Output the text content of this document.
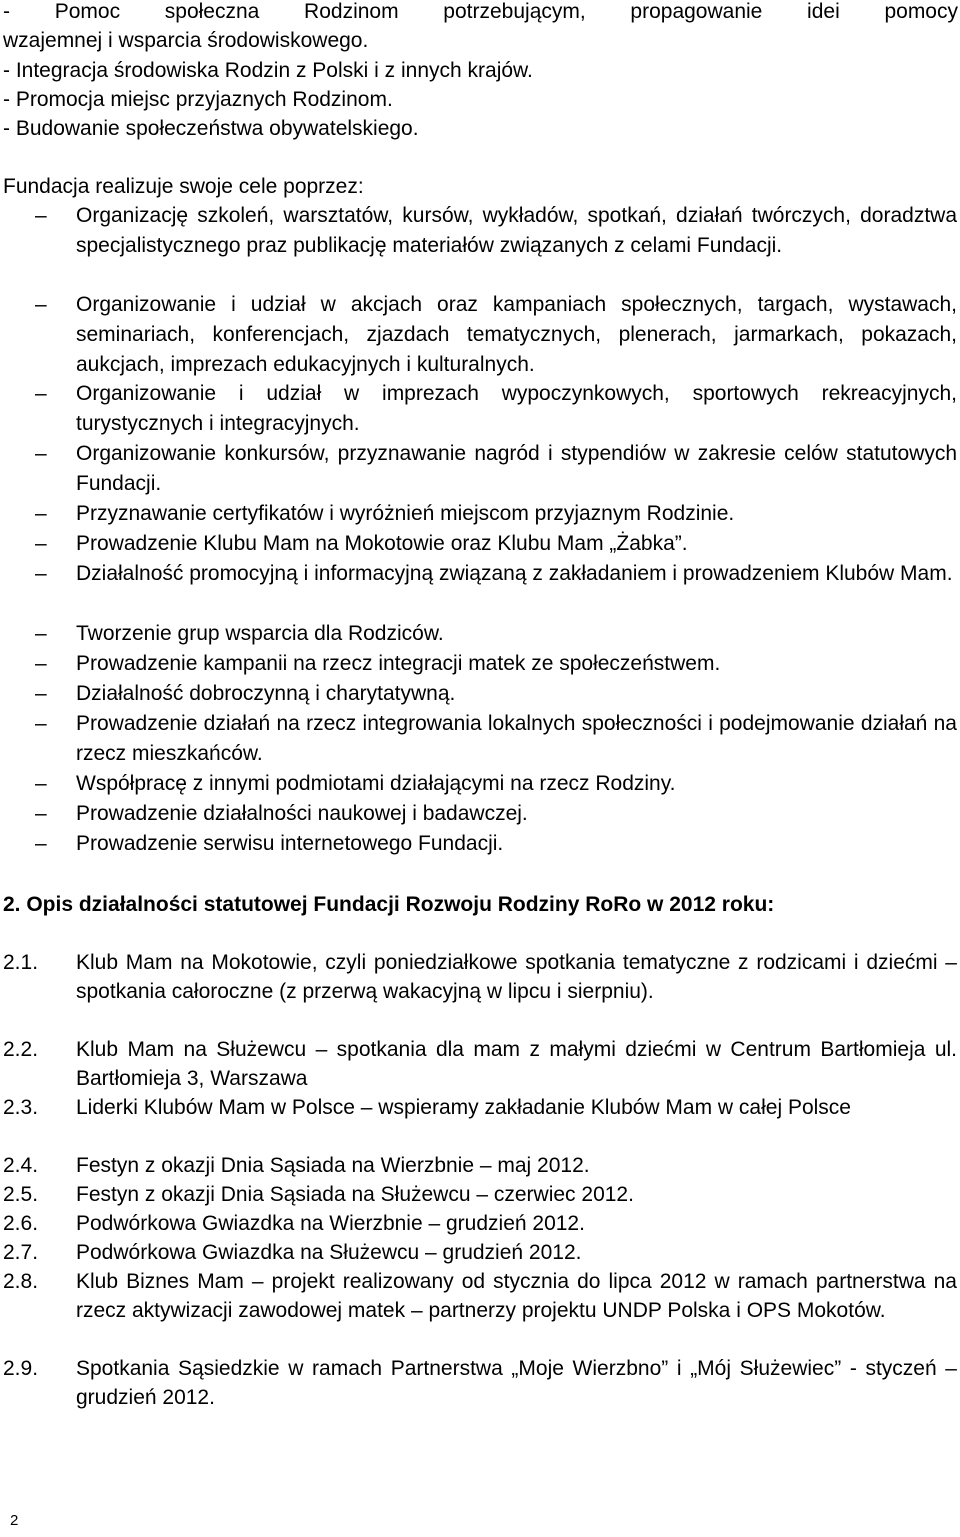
- Pomoc społeczna Rodzinom potrzebującym, propagowanie idei pomocy
wzajemnej i wsparcia środowiskowego.
- Integracja środowiska Rodzin z Polski i z innych krajów.
- Promocja miejsc przyjaznych Rodzinom.
- Budowanie społeczeństwa obywatelskiego.
Fundacja realizuje swoje cele poprzez:
–	Organizację szkoleń, warsztatów, kursów, wykładów, spotkań, działań twórczych, doradztwa specjalistycznego praz publikację materiałów związanych z celami Fundacji.
–	Organizowanie i udział w akcjach oraz kampaniach społecznych, targach, wystawach, seminariach, konferencjach, zjazdach tematycznych, plenerach, jarmarkach, pokazach, aukcjach, imprezach edukacyjnych i kulturalnych.
–	Organizowanie i udział w imprezach wypoczynkowych, sportowych rekreacyjnych, turystycznych i integracyjnych.
–	Organizowanie konkursów, przyznawanie nagród i stypendiów w zakresie celów statutowych Fundacji.
–	Przyznawanie certyfikatów i wyróżnień miejscom przyjaznym Rodzinie.
–	Prowadzenie Klubu Mam na Mokotowie oraz Klubu Mam „Żabka”.
–	Działalność promocyjną i informacyjną związaną z zakładaniem i prowadzeniem Klubów Mam.
–	Tworzenie grup wsparcia dla Rodziców.
–	Prowadzenie kampanii na rzecz integracji matek ze społeczeństwem.
–	Działalność dobroczynną i charytatywną.
–	Prowadzenie działań na rzecz integrowania lokalnych społeczności i podejmowanie działań na rzecz mieszkańców.
–	Współpracę z innymi podmiotami działającymi na rzecz Rodziny.
–	Prowadzenie działalności naukowej i badawczej.
–	Prowadzenie serwisu internetowego Fundacji.
2. Opis działalności statutowej Fundacji Rozwoju Rodziny RoRo w 2012 roku:
2.1.	Klub Mam na Mokotowie, czyli poniedziałkowe spotkania tematyczne z rodzicami i dziećmi – spotkania całoroczne (z przerwą wakacyjną w lipcu i sierpniu).
2.2.	Klub Mam na Służewcu – spotkania dla mam z małymi dziećmi w Centrum Bartłomieja ul. Bartłomieja 3, Warszawa
2.3.	Liderki Klubów Mam w Polsce – wspieramy zakładanie Klubów Mam w całej Polsce
2.4.	Festyn z okazji Dnia Sąsiada na Wierzbnie – maj 2012.
2.5.	Festyn z okazji Dnia Sąsiada na Służewcu – czerwiec 2012.
2.6.	Podwórkowa Gwiazdka na Wierzbnie – grudzień 2012.
2.7.	Podwórkowa Gwiazdka na Służewcu – grudzień 2012.
2.8.	Klub Biznes Mam – projekt realizowany od stycznia do lipca 2012 w ramach partnerstwa na rzecz aktywizacji zawodowej matek – partnerzy projektu UNDP Polska i OPS Mokotów.
2.9.	Spotkania Sąsiedzkie w ramach Partnerstwa „Moje Wierzbno” i „Mój Służewiec” - styczeń – grudzień 2012.
2
